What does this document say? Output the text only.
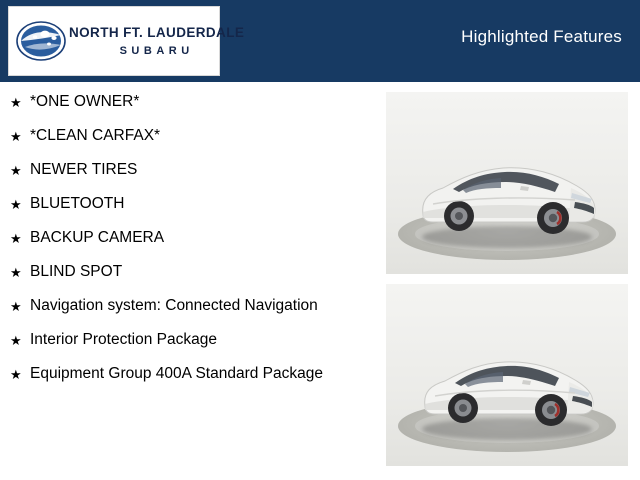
NORTH FT. LAUDERDALE
SUBARU
Highlighted Features
★ *ONE OWNER*
★ *CLEAN CARFAX*
★ NEWER TIRES
★ BLUETOOTH
★ BACKUP CAMERA
★ BLIND SPOT
★ Navigation system: Connected Navigation
★ Interior Protection Package
★ Equipment Group 400A Standard Package
